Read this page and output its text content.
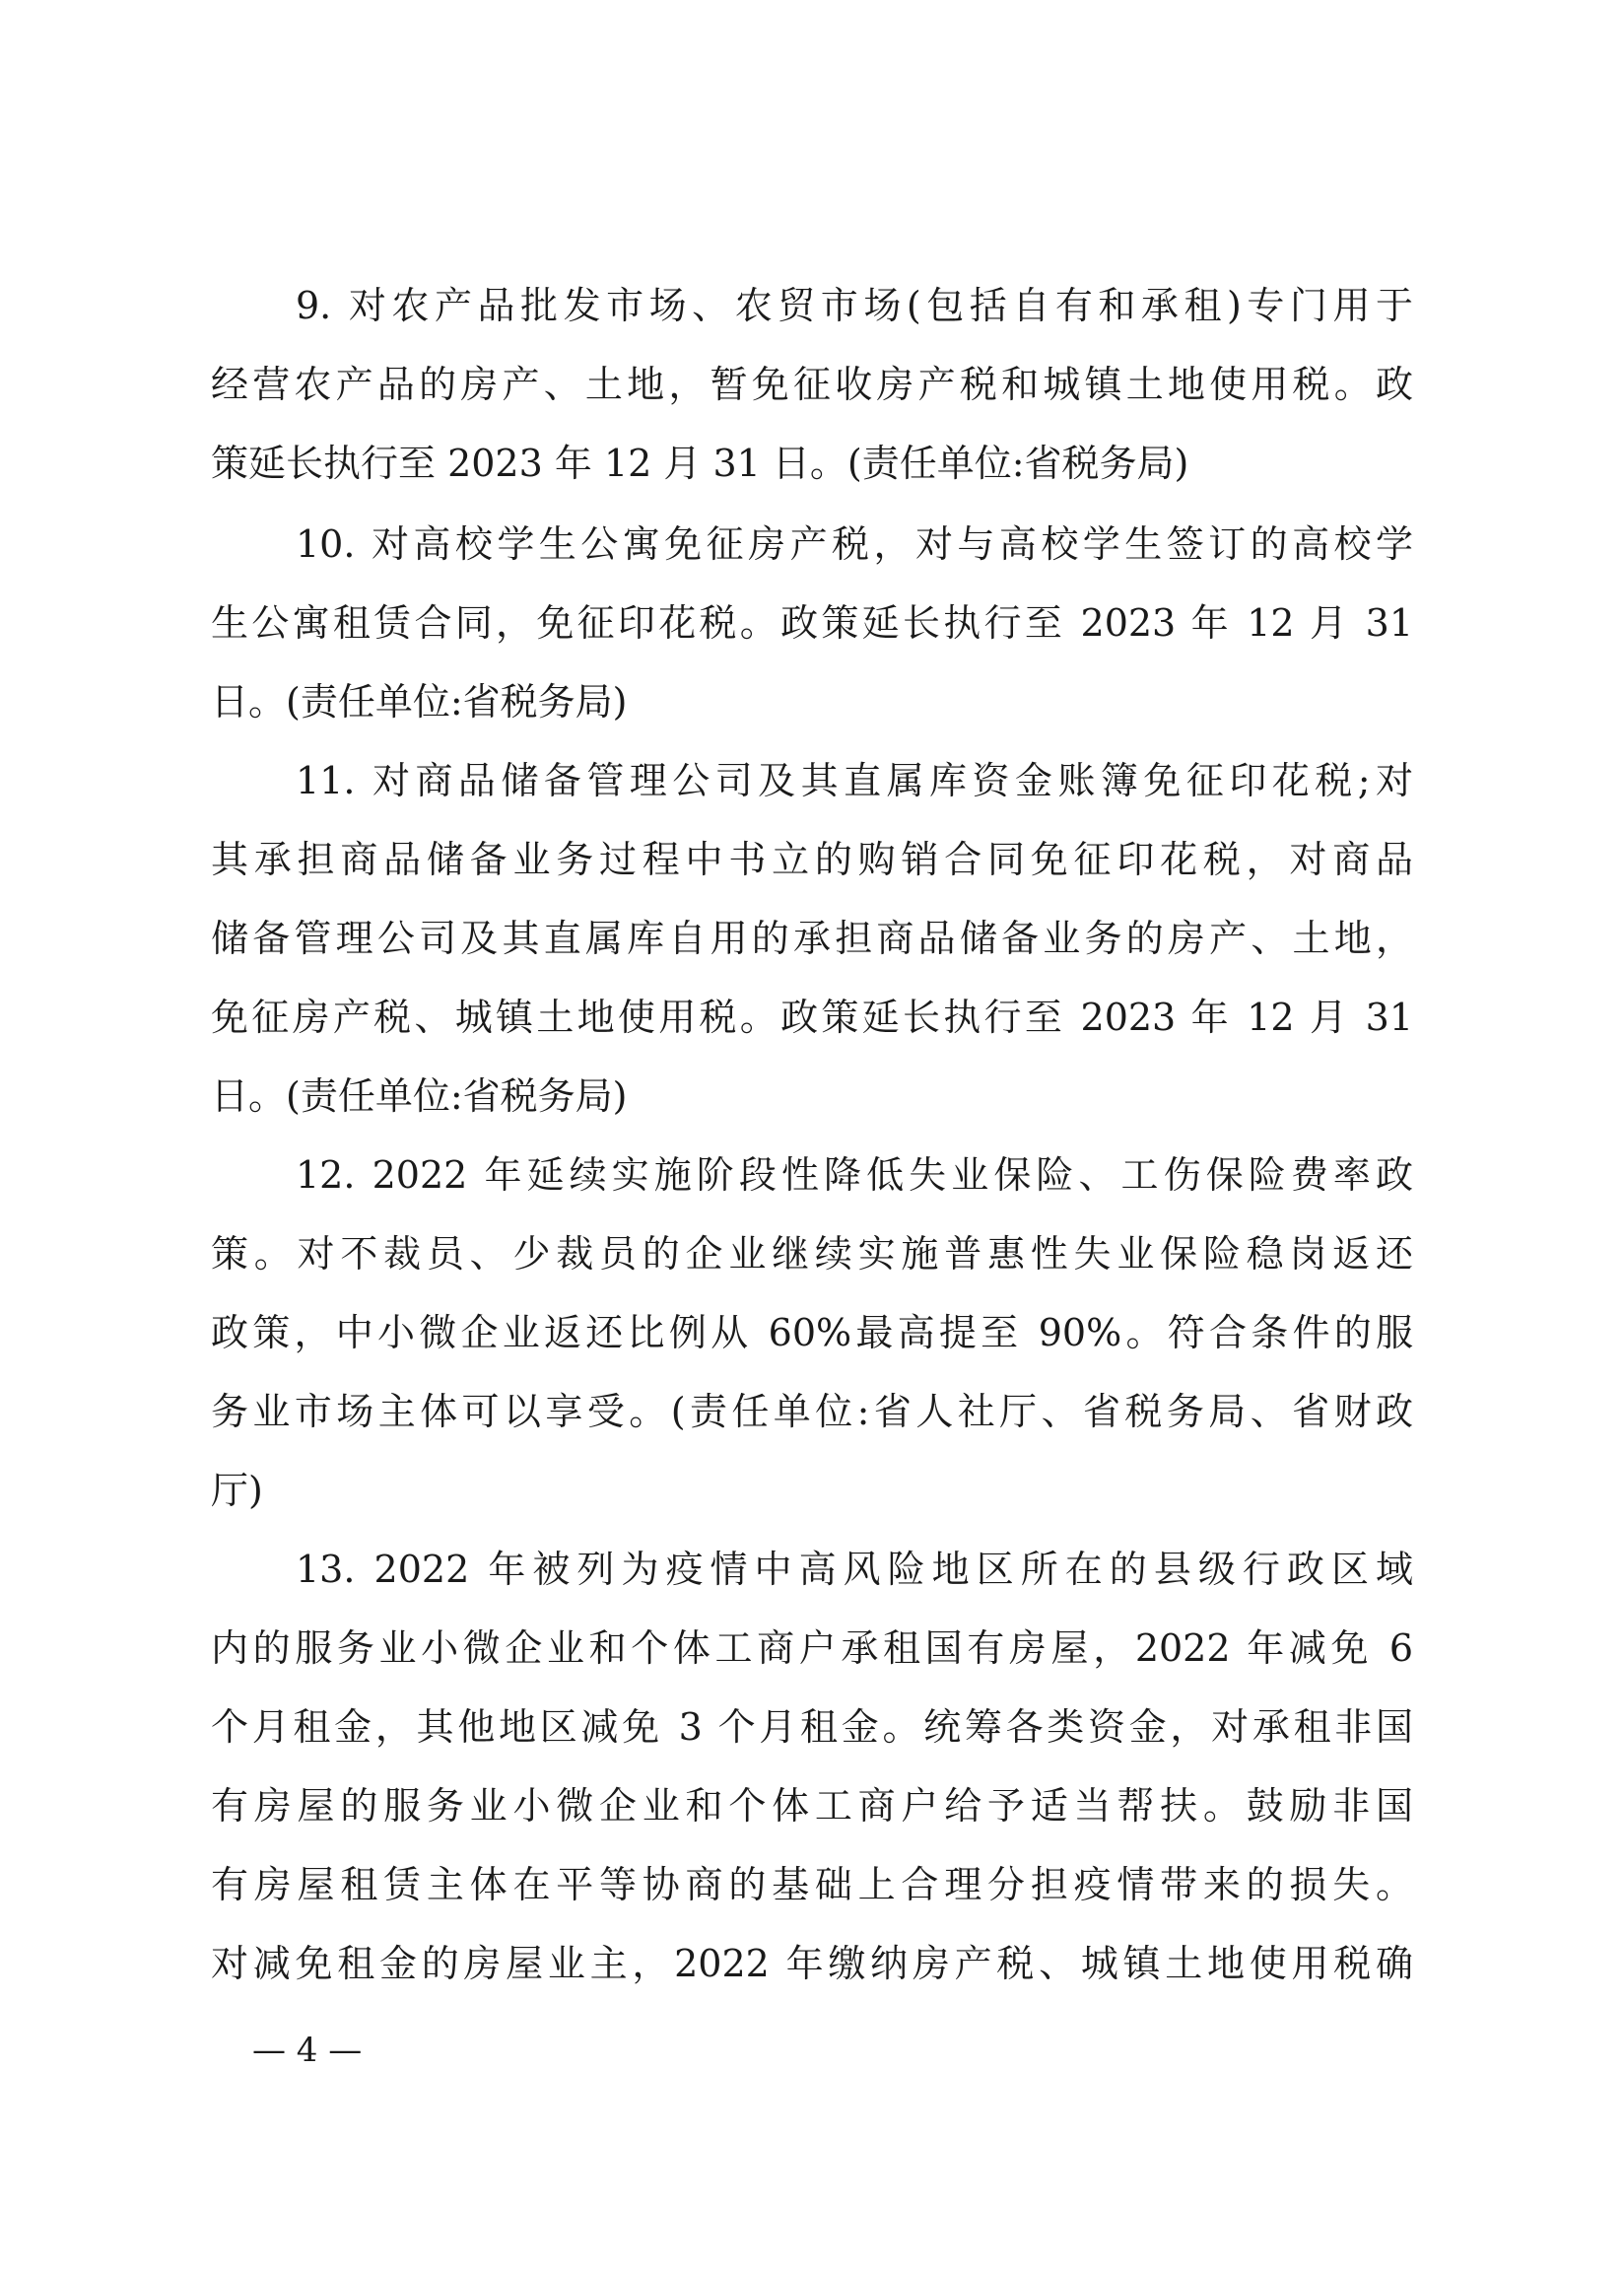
9. 对农产品批发市场、农贸市场(包括自有和承租)专门用于
经营农产品的房产、土地，暂免征收房产税和城镇土地使用税。政
策延长执行至 2023 年 12 月 31 日。(责任单位:省税务局)
10. 对高校学生公寓免征房产税，对与高校学生签订的高校学
生公寓租赁合同，免征印花税。政策延长执行至 2023 年 12 月 31
日。(责任单位:省税务局)
11. 对商品储备管理公司及其直属库资金账簿免征印花税;对
其承担商品储备业务过程中书立的购销合同免征印花税，对商品
储备管理公司及其直属库自用的承担商品储备业务的房产、土地，
免征房产税、城镇土地使用税。政策延长执行至 2023 年 12 月 31
日。(责任单位:省税务局)
12. 2022 年延续实施阶段性降低失业保险、工伤保险费率政
策。对不裁员、少裁员的企业继续实施普惠性失业保险稳岗返还
政策，中小微企业返还比例从 60%最高提至 90%。符合条件的服
务业市场主体可以享受。(责任单位:省人社厅、省税务局、省财政
厅)
13. 2022 年被列为疫情中高风险地区所在的县级行政区域
内的服务业小微企业和个体工商户承租国有房屋，2022 年减免 6
个月租金，其他地区减免 3 个月租金。统筹各类资金，对承租非国
有房屋的服务业小微企业和个体工商户给予适当帮扶。鼓励非国
有房屋租赁主体在平等协商的基础上合理分担疫情带来的损失。
对减免租金的房屋业主，2022 年缴纳房产税、城镇土地使用税确
— 4 —
